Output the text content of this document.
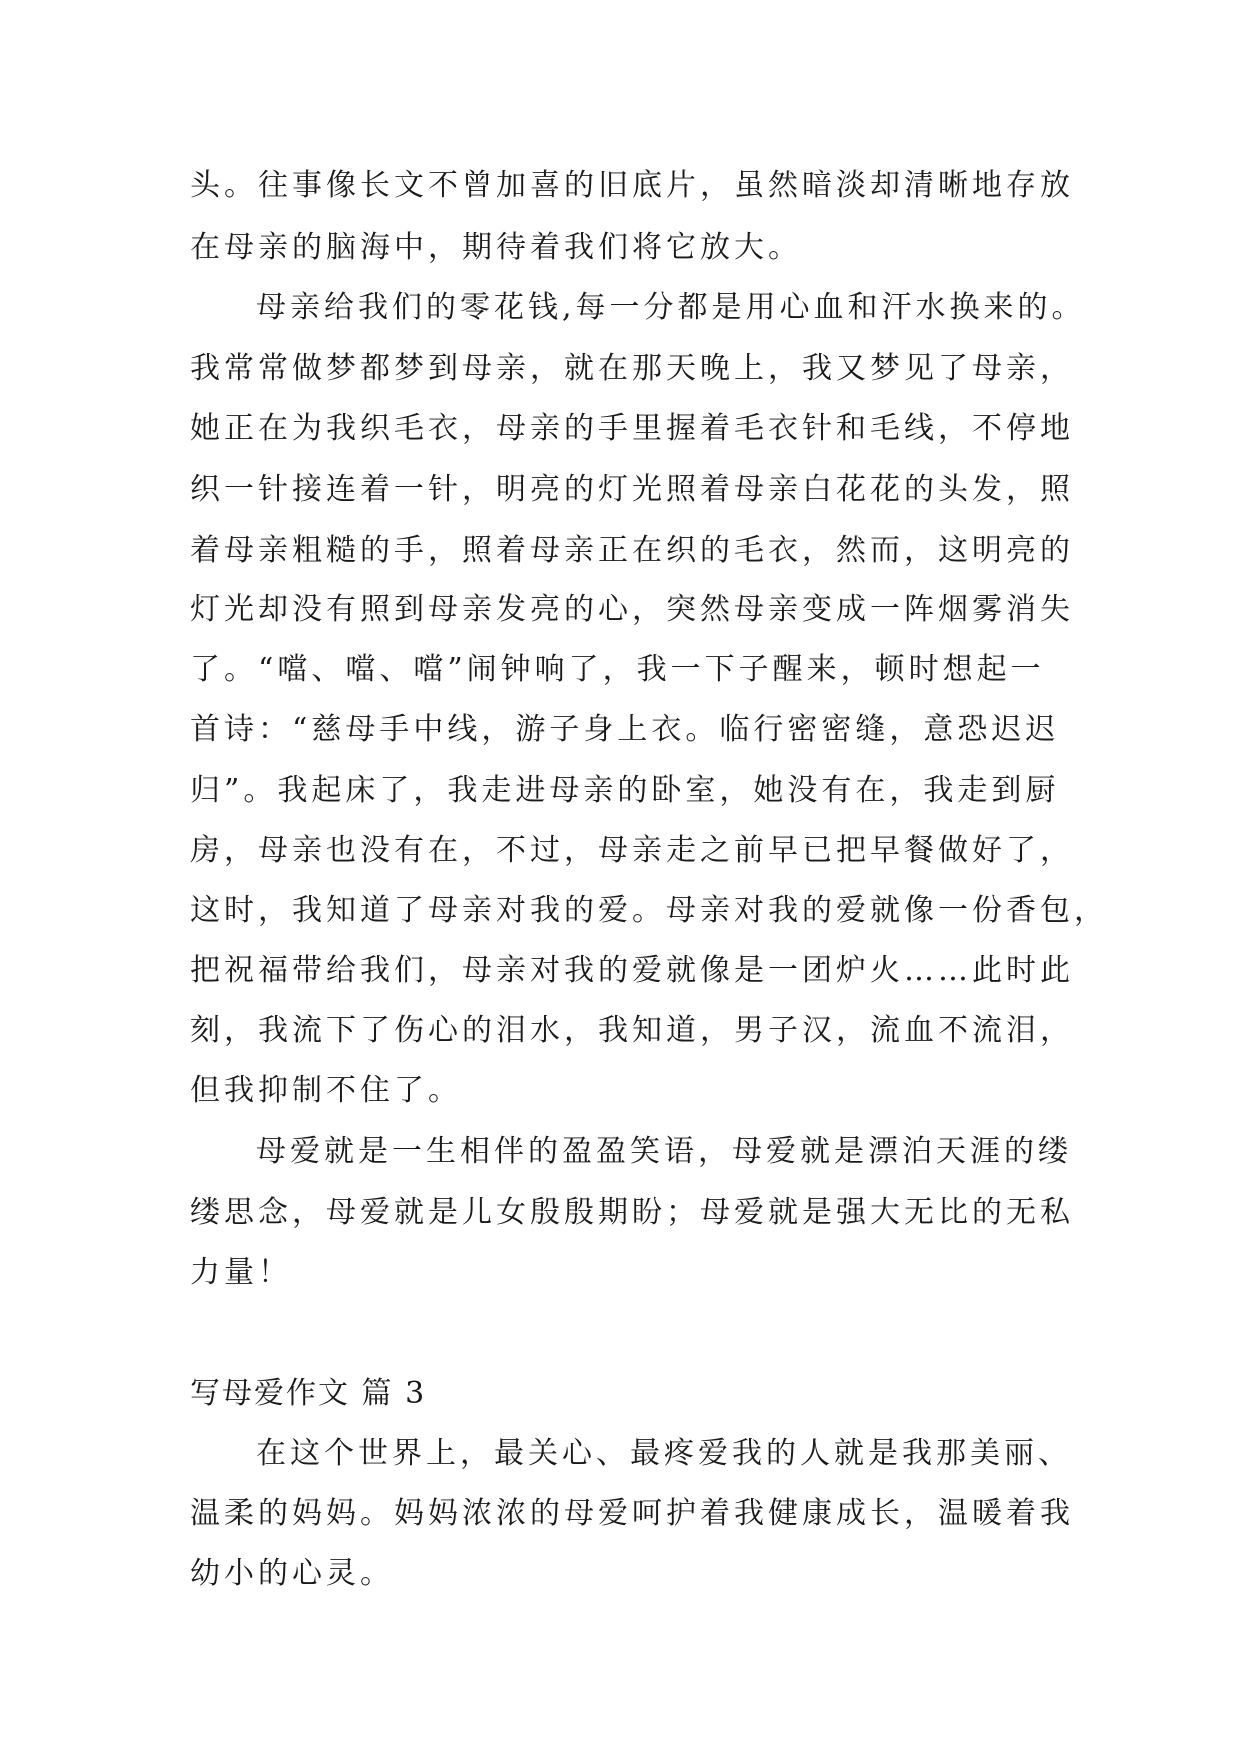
头。往事像长文不曾加喜的旧底片，虽然暗淡却清晰地存放
在母亲的脑海中，期待着我们将它放大。
母亲给我们的零花钱,每一分都是用心血和汗水换来的。
我常常做梦都梦到母亲，就在那天晚上，我又梦见了母亲，
她正在为我织毛衣，母亲的手里握着毛衣针和毛线，不停地
织一针接连着一针，明亮的灯光照着母亲白花花的头发，照
着母亲粗糙的手，照着母亲正在织的毛衣，然而，这明亮的
灯光却没有照到母亲发亮的心，突然母亲变成一阵烟雾消失
了。“噹、噹、噹”闹钟响了，我一下子醒来，顿时想起一
首诗：“慈母手中线，游子身上衣。临行密密缝，意恐迟迟
归”。我起床了，我走进母亲的卧室，她没有在，我走到厨
房，母亲也没有在，不过，母亲走之前早已把早餐做好了，
这时，我知道了母亲对我的爱。母亲对我的爱就像一份香包，
把祝福带给我们，母亲对我的爱就像是一团炉火……此时此
刻，我流下了伤心的泪水，我知道，男子汉，流血不流泪，
但我抑制不住了。
母爱就是一生相伴的盈盈笑语，母爱就是漂泊天涯的缕
缕思念，母爱就是儿女殷殷期盼；母爱就是强大无比的无私
力量！
写母爱作文 篇 3
在这个世界上，最关心、最疼爱我的人就是我那美丽、
温柔的妈妈。妈妈浓浓的母爱呵护着我健康成长，温暖着我
幼小的心灵。
